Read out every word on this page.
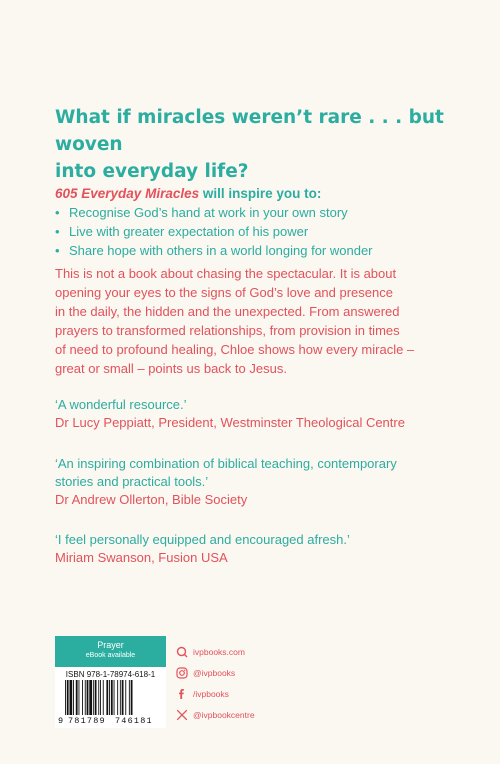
What if miracles weren’t rare . . . but woven
into everyday life?

605 Everyday Miracles will inspire you to:

• Recognise God’s hand at work in your own story
• Live with greater expectation of his power
• Share hope with others in a world longing for wonder

This is not a book about chasing the spectacular. It is about
opening your eyes to the signs of God’s love and presence
in the daily, the hidden and the unexpected. From answered
prayers to transformed relationships, from provision in times
of need to profound healing, Chloe shows how every miracle –
great or small – points us back to Jesus.

‘A wonderful resource.’
Dr Lucy Peppiatt, President, Westminster Theological Centre
‘An inspiring combination of biblical teaching, contemporary
stories and practical tools.’
Dr Andrew Ollerton, Bible Society
‘I feel personally equipped and encouraged afresh.’
Miriam Swanson, Fusion USA
Prayer
eBook available
ISBN 978-1-78974-618-1
9 781789 746181
ivpbooks.com
@ivpbooks
/ivpbooks
@ivpbookcentre
